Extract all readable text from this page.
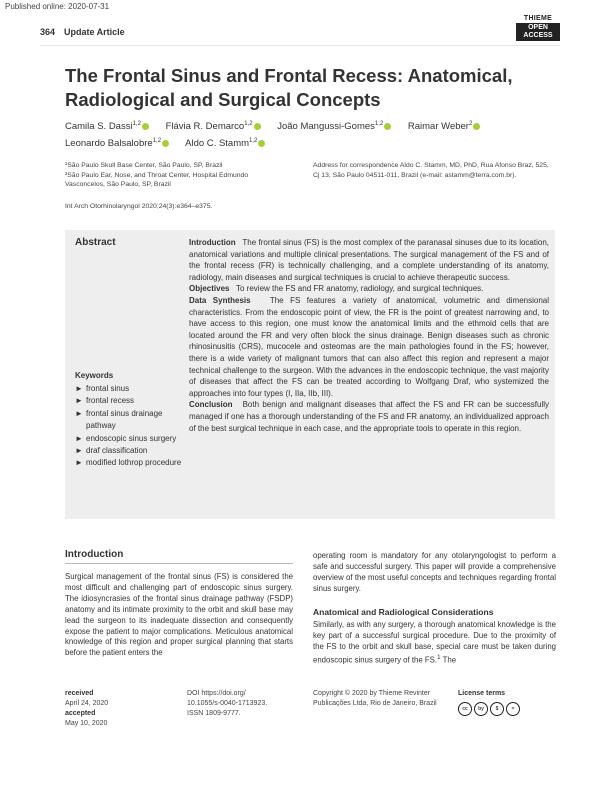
Published online: 2020-07-31
364 Update Article
THIEME
OPEN
ACCESS
The Frontal Sinus and Frontal Recess: Anatomical, Radiological and Surgical Concepts
Camila S. Dassi$^{1,2}$	Flávia R. Demarco$^{1,2}$	João Mangussi-Gomes$^{1,2}$	Raimar Weber$^2$
Leonardo Balsalobre$^{1,2}$	Aldo C. Stamm$^{1,2}$
¹São Paulo Skull Base Center, São Paulo, SP, Brazil
²São Paulo Ear, Nose, and Throat Center, Hospital Edmundo Vasconcelos, São Paulo, SP, Brazil
Address for correspondence Aldo C. Stamm, MD, PhD, Rua Afonso Braz, 525, Cj 13, São Paulo 04511-011, Brazil (e-mail: astamm@terra.com.br).
Int Arch Otorhinolaryngol 2020;24(3):e364–e375.
Abstract
Keywords
► frontal sinus
► frontal recess
► frontal sinus drainage pathway
► endoscopic sinus surgery
► draf classification
► modified lothrop procedure
Introduction The frontal sinus (FS) is the most complex of the paranasal sinuses due to its location, anatomical variations and multiple clinical presentations. The surgical management of the FS and of the frontal recess (FR) is technically challenging, and a complete understanding of its anatomy, radiology, main diseases and surgical techniques is crucial to achieve therapeutic success.
Objectives To review the FS and FR anatomy, radiology, and surgical techniques.
Data Synthesis The FS features a variety of anatomical, volumetric and dimensional characteristics. From the endoscopic point of view, the FR is the point of greatest narrowing and, to have access to this region, one must know the anatomical limits and the ethmoid cells that are located around the FR and very often block the sinus drainage. Benign diseases such as chronic rhinosinusitis (CRS), mucocele and osteomas are the main pathologies found in the FS; however, there is a wide variety of malignant tumors that can also affect this region and represent a major technical challenge to the surgeon. With the advances in the endoscopic technique, the vast majority of diseases that affect the FS can be treated according to Wolfgang Draf, who systemized the approaches into four types (I, IIa, IIb, III).
Conclusion Both benign and malignant diseases that affect the FS and FR can be successfully managed if one has a thorough understanding of the FS and FR anatomy, an individualized approach of the best surgical technique in each case, and the appropriate tools to operate in this region.
Introduction
Surgical management of the frontal sinus (FS) is considered the most difficult and challenging part of endoscopic sinus surgery. The idiosyncrasies of the frontal sinus drainage pathway (FSDP) anatomy and its intimate proximity to the orbit and skull base may lead the surgeon to its inadequate dissection and consequently expose the patient to major complications. Meticulous anatomical knowledge of this region and proper surgical planning that starts before the patient enters the
operating room is mandatory for any otolaryngologist to perform a safe and successful surgery. This paper will provide a comprehensive overview of the most useful concepts and techniques regarding frontal sinus surgery.
Anatomical and Radiological Considerations
Similarly, as with any surgery, a thorough anatomical knowledge is the key part of a successful surgical procedure. Due to the proximity of the FS to the orbit and skull base, special care must be taken during endoscopic sinus surgery of the FS.$^1$ The
received
April 24, 2020
accepted
May 10, 2020
DOI https://doi.org/
10.1055/s-0040-1713923.
ISSN 1809-9777.
Copyright © 2020 by Thieme Revinter
Publicações Ltda, Rio de Janeiro, Brazil
License terms
cc	by	$	=
